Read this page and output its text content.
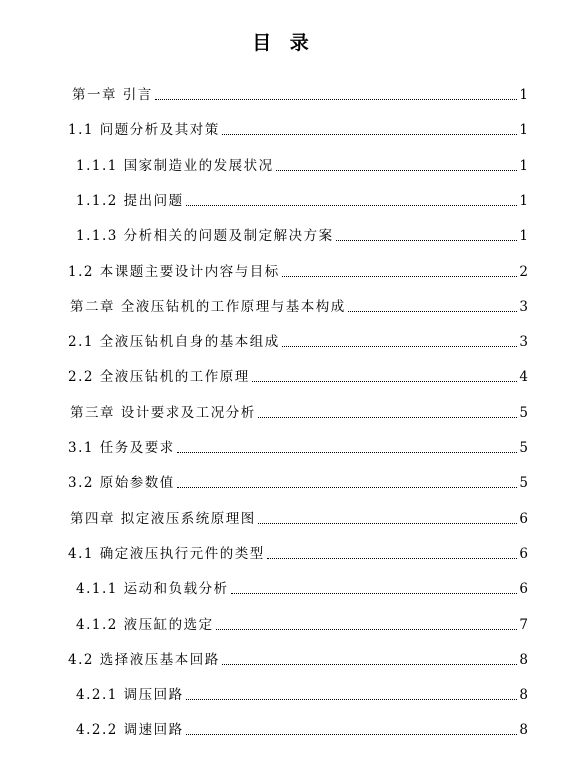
目 录
第一章 引言	1
1.1 问题分析及其对策	1
1.1.1 国家制造业的发展状况	1
1.1.2 提出问题	1
1.1.3 分析相关的问题及制定解决方案	1
1.2 本课题主要设计内容与目标	2
第二章 全液压钻机的工作原理与基本构成	3
2.1 全液压钻机自身的基本组成	3
2.2 全液压钻机的工作原理	4
第三章 设计要求及工况分析	5
3.1 任务及要求	5
3.2 原始参数值	5
第四章 拟定液压系统原理图	6
4.1 确定液压执行元件的类型	6
4.1.1 运动和负载分析	6
4.1.2 液压缸的选定	7
4.2 选择液压基本回路	8
4.2.1 调压回路	8
4.2.2 调速回路	8
